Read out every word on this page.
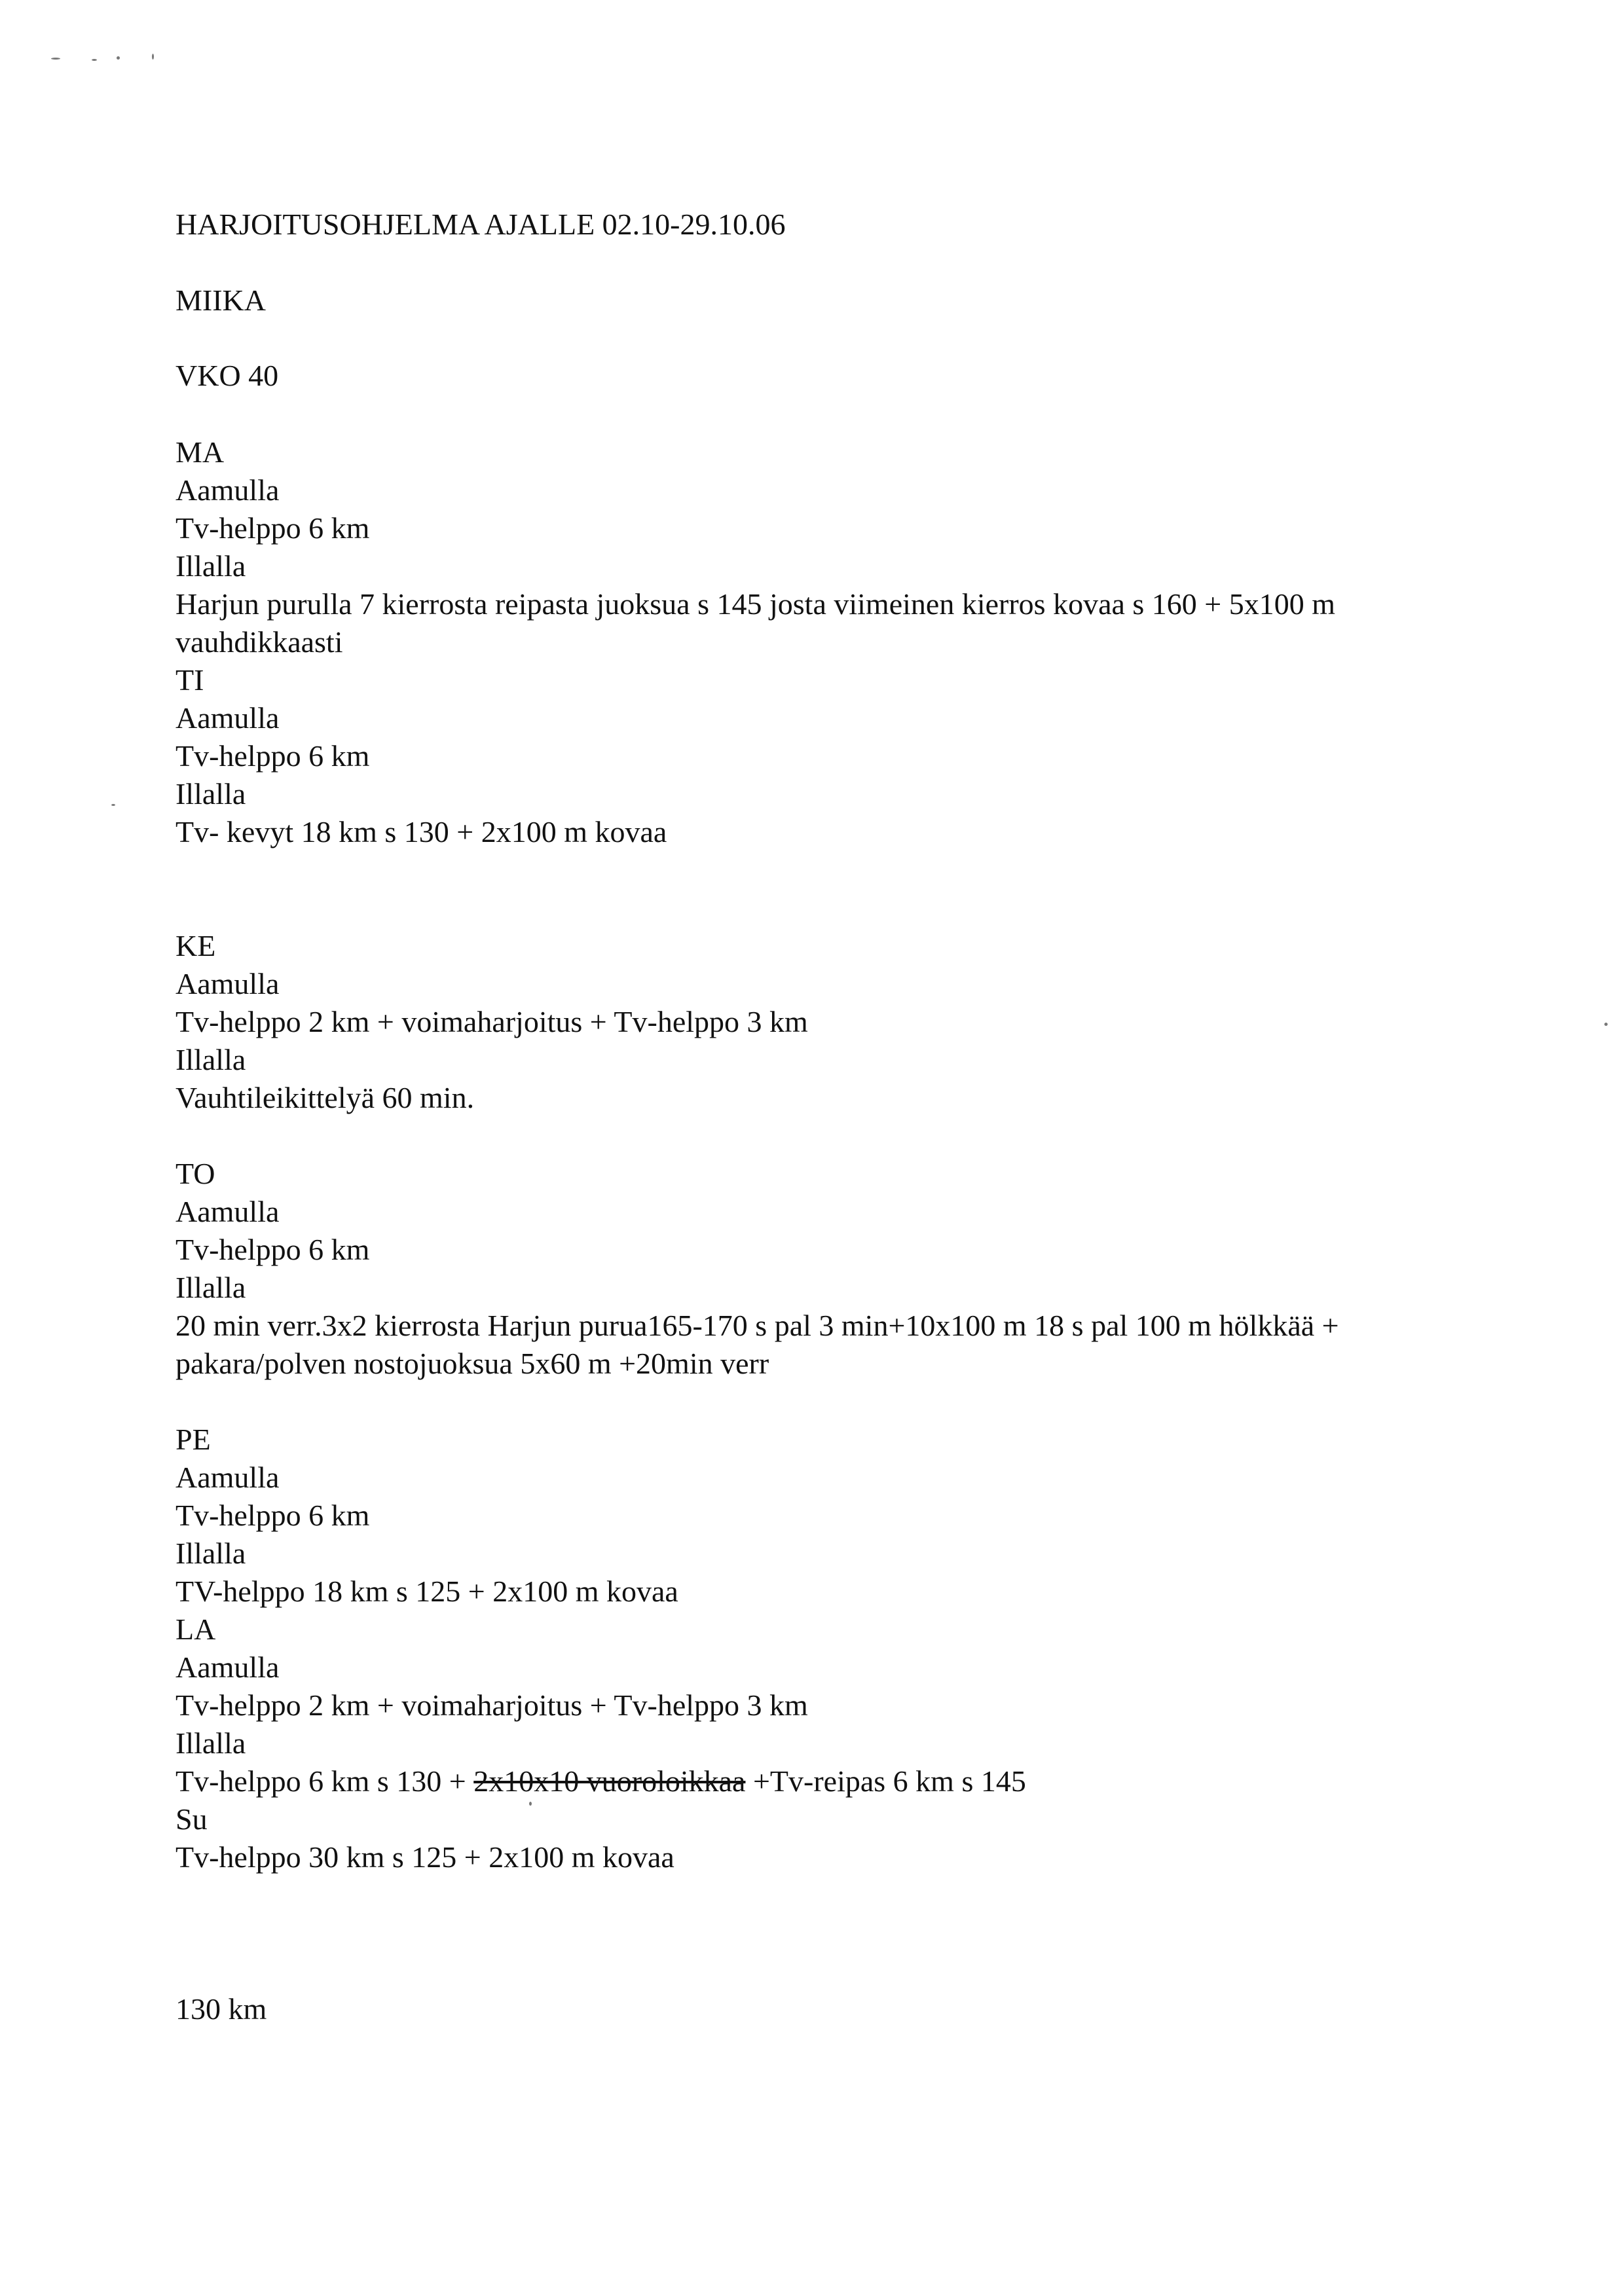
HARJOITUSOHJELMA AJALLE 02.10-29.10.06

MIIKA

VKO 40

MA

Aamulla

Tv-helppo 6 km

Illalla

Harjun purulla 7 kierrosta reipasta juoksua s 145 josta viimeinen kierros kovaa s 160 + 5x100 m vauhdikkaasti

TI

Aamulla

Tv-helppo 6 km

Illalla

Tv- kevyt 18 km s 130 + 2x100 m kovaa

KE

Aamulla

Tv-helppo 2 km + voimaharjoitus + Tv-helppo 3 km

Illalla

Vauhtileikittelyä 60 min.

TO

Aamulla

Tv-helppo 6 km

Illalla

20 min verr.3x2 kierrosta Harjun purua165-170 s pal 3 min+10x100 m 18 s pal 100 m hölkkää +

pakara/polven nostojuoksua 5x60 m +20min verr

PE

Aamulla

Tv-helppo 6 km

Illalla

TV-helppo 18 km s 125 + 2x100 m kovaa

LA

Aamulla

Tv-helppo 2 km + voimaharjoitus + Tv-helppo 3 km

Illalla

Tv-helppo 6 km s 130 + 2x10x10 vuoroloikkaa +Tv-reipas 6 km s 145

Su

Tv-helppo 30 km s 125 + 2x100 m kovaa

130 km
